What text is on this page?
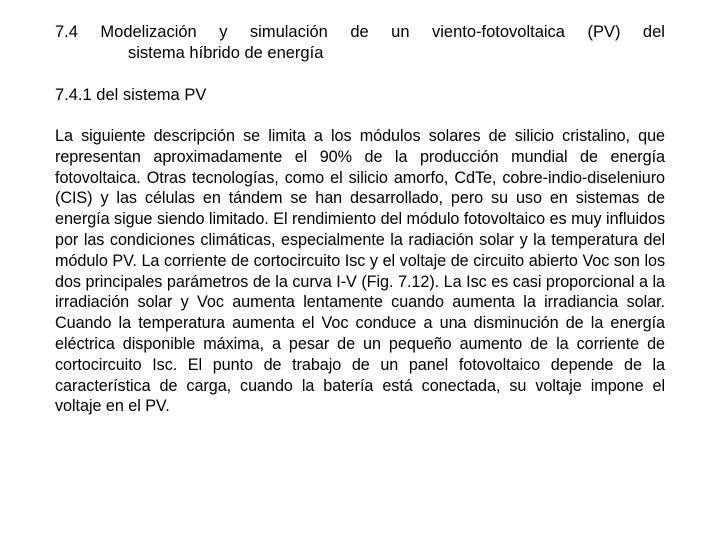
7.4 Modelización y simulación de un viento-fotovoltaica (PV) del
sistema híbrido de energía

7.4.1 del sistema PV

La siguiente descripción se limita a los módulos solares de silicio cristalino, que representan aproximadamente el 90% de la producción mundial de energía fotovoltaica. Otras tecnologías, como el silicio amorfo, CdTe, cobre-indio-diseleniuro (CIS) y las células en tándem se han desarrollado, pero su uso en sistemas de energía sigue siendo limitado. El rendimiento del módulo fotovoltaico es muy influidos por las condiciones climáticas, especialmente la radiación solar y la temperatura del módulo PV. La corriente de cortocircuito Isc y el voltaje de circuito abierto Voc son los dos principales parámetros de la curva I-V (Fig. 7.12). La Isc es casi proporcional a la irradiación solar y Voc aumenta lentamente cuando aumenta la irradiancia solar. Cuando la temperatura aumenta el Voc conduce a una disminución de la energía eléctrica disponible máxima, a pesar de un pequeño aumento de la corriente de cortocircuito Isc. El punto de trabajo de un panel fotovoltaico depende de la característica de carga, cuando la batería está conectada, su voltaje impone el voltaje en el PV.
